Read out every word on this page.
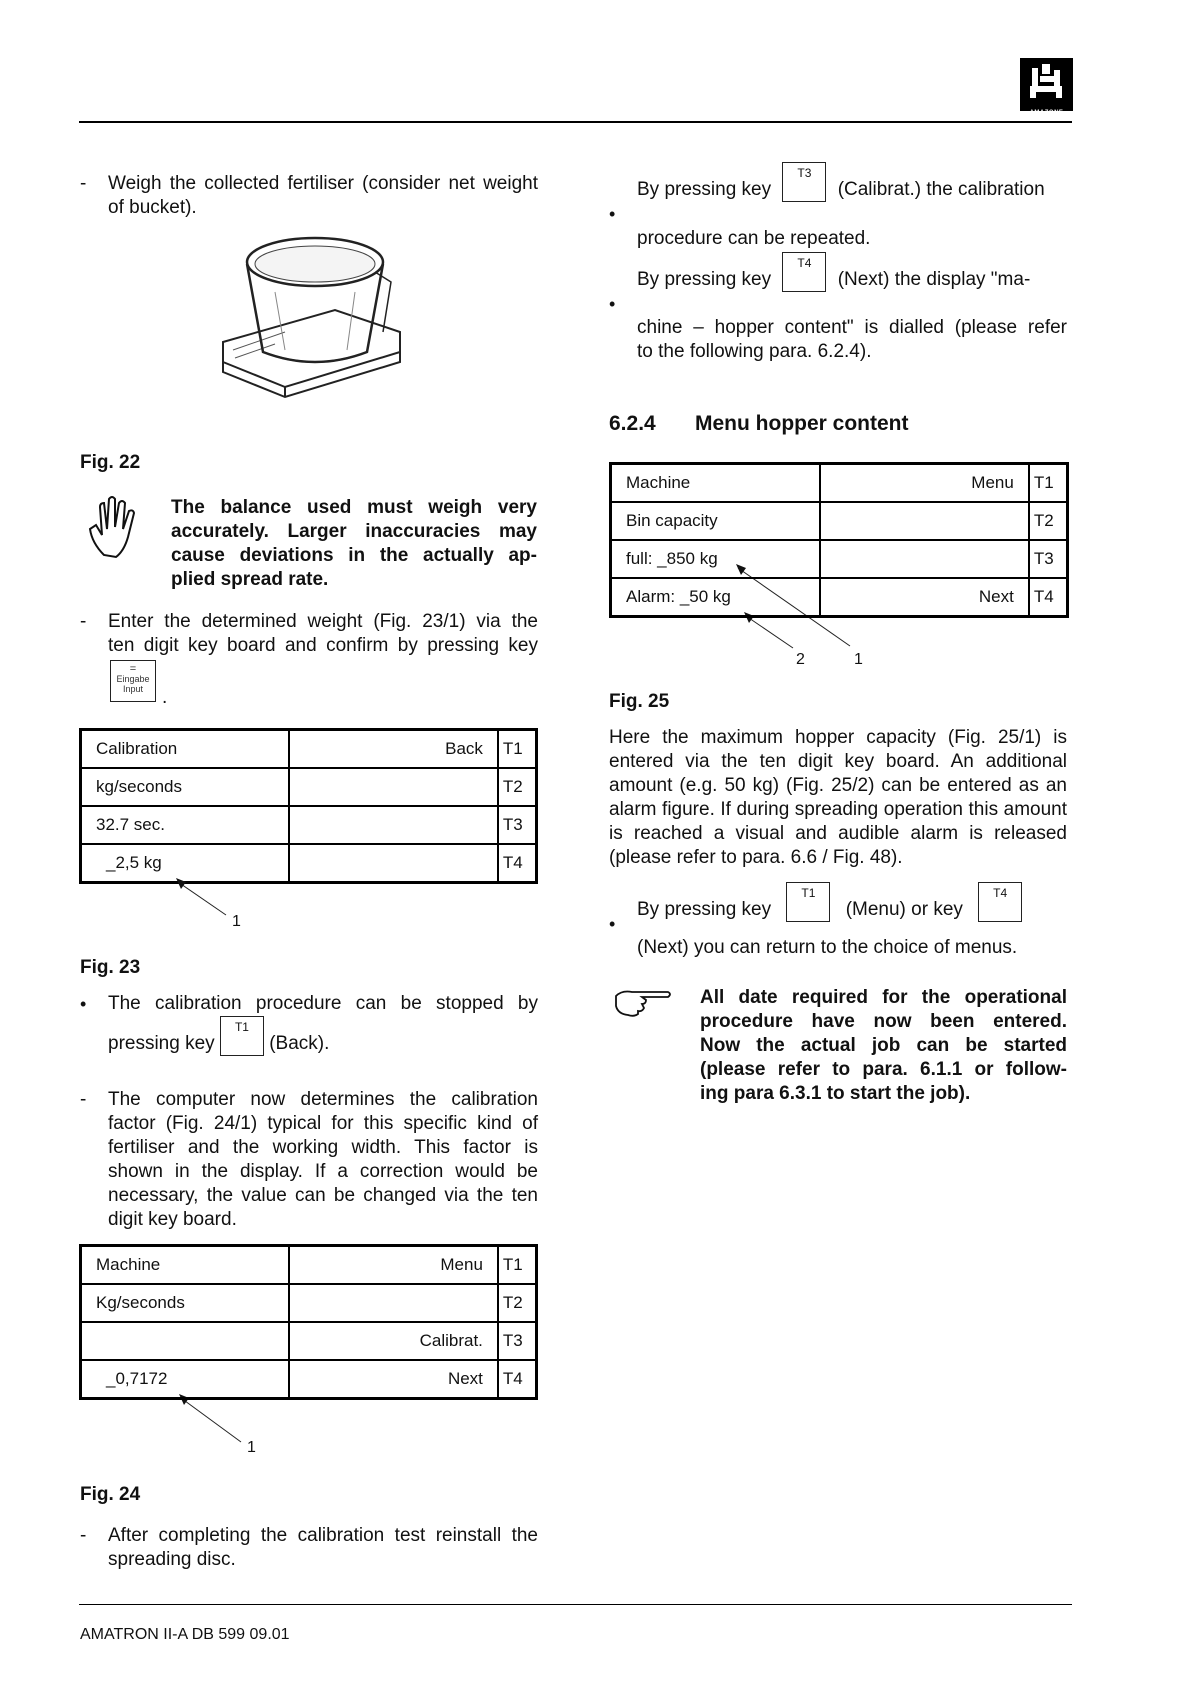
AMAZONE
- Weigh the collected fertiliser (consider net weight of bucket).
Fig. 22
The balance used must weigh very
accurately. Larger inaccuracies may
cause deviations in the actually ap-
plied spread rate.
- Enter the determined weight (Fig. 23/1) via the
ten digit key board and confirm by pressing key
=
Eingabe
Input .
Calibration	Back	T1
kg/seconds		T2
32.7 sec.		T3
_2,5 kg		T4
1
Fig. 23
• The calibration procedure can be stopped by
pressing key T1 (Back).
- The computer now determines the calibration factor (Fig. 24/1) typical for this specific kind of fertiliser and the working width. This factor is shown in the display. If a correction would be necessary, the value can be changed via the ten digit key board.
Machine	Menu	T1
Kg/seconds		T2
	Calibrat.	T3
_0,7172	Next	T4
1
Fig. 24
- After completing the calibration test reinstall the spreading disc.
•
By pressing key T3 (Calibrat.) the calibration
procedure can be repeated.
•
By pressing key T4 (Next) the display "ma-
chine – hopper content" is dialled (please refer
to the following para. 6.2.4).
6.2.4 Menu hopper content
Machine	Menu	T1
Bin capacity		T2
full: _850 kg		T3
Alarm: _50 kg	Next	T4
2	1
Fig. 25
Here the maximum hopper capacity (Fig. 25/1) is entered via the ten digit key board. An additional amount (e.g. 50 kg) (Fig. 25/2) can be entered as an alarm figure. If during spreading operation this amount is reached a visual and audible alarm is released (please refer to para. 6.6 / Fig. 48).
•
By pressing key T1 (Menu) or key T4
(Next) you can return to the choice of menus.
All date required for the operational
procedure have now been entered.
Now the actual job can be started
(please refer to para. 6.1.1 or follow-
ing para 6.3.1 to start the job).
AMATRON II-A DB 599 09.01
